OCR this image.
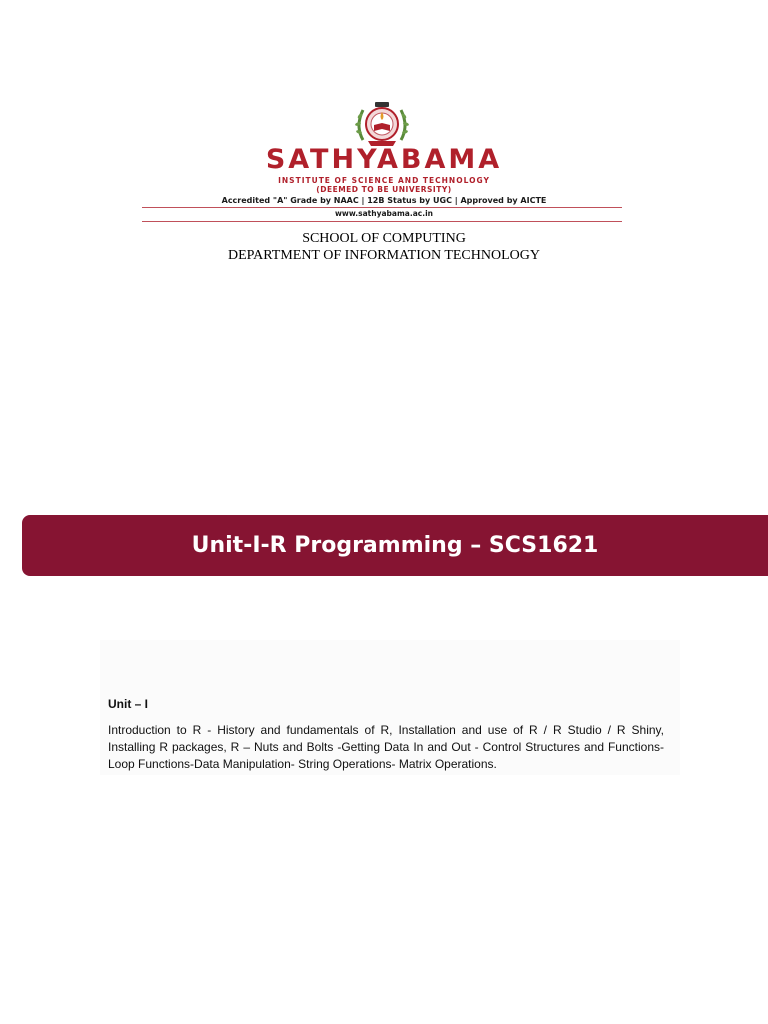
SATHYABAMA
INSTITUTE OF SCIENCE AND TECHNOLOGY
(DEEMED TO BE UNIVERSITY)
Accredited "A" Grade by NAAC | 12B Status by UGC | Approved by AICTE
www.sathyabama.ac.in
SCHOOL OF COMPUTING
DEPARTMENT OF INFORMATION TECHNOLOGY
Unit-I-R Programming – SCS1621
Unit – I
Introduction to R - History and fundamentals of R, Installation and use of R / R Studio / R Shiny, Installing R packages, R – Nuts and Bolts -Getting Data In and Out - Control Structures and Functions-Loop Functions-Data Manipulation- String Operations- Matrix Operations.
